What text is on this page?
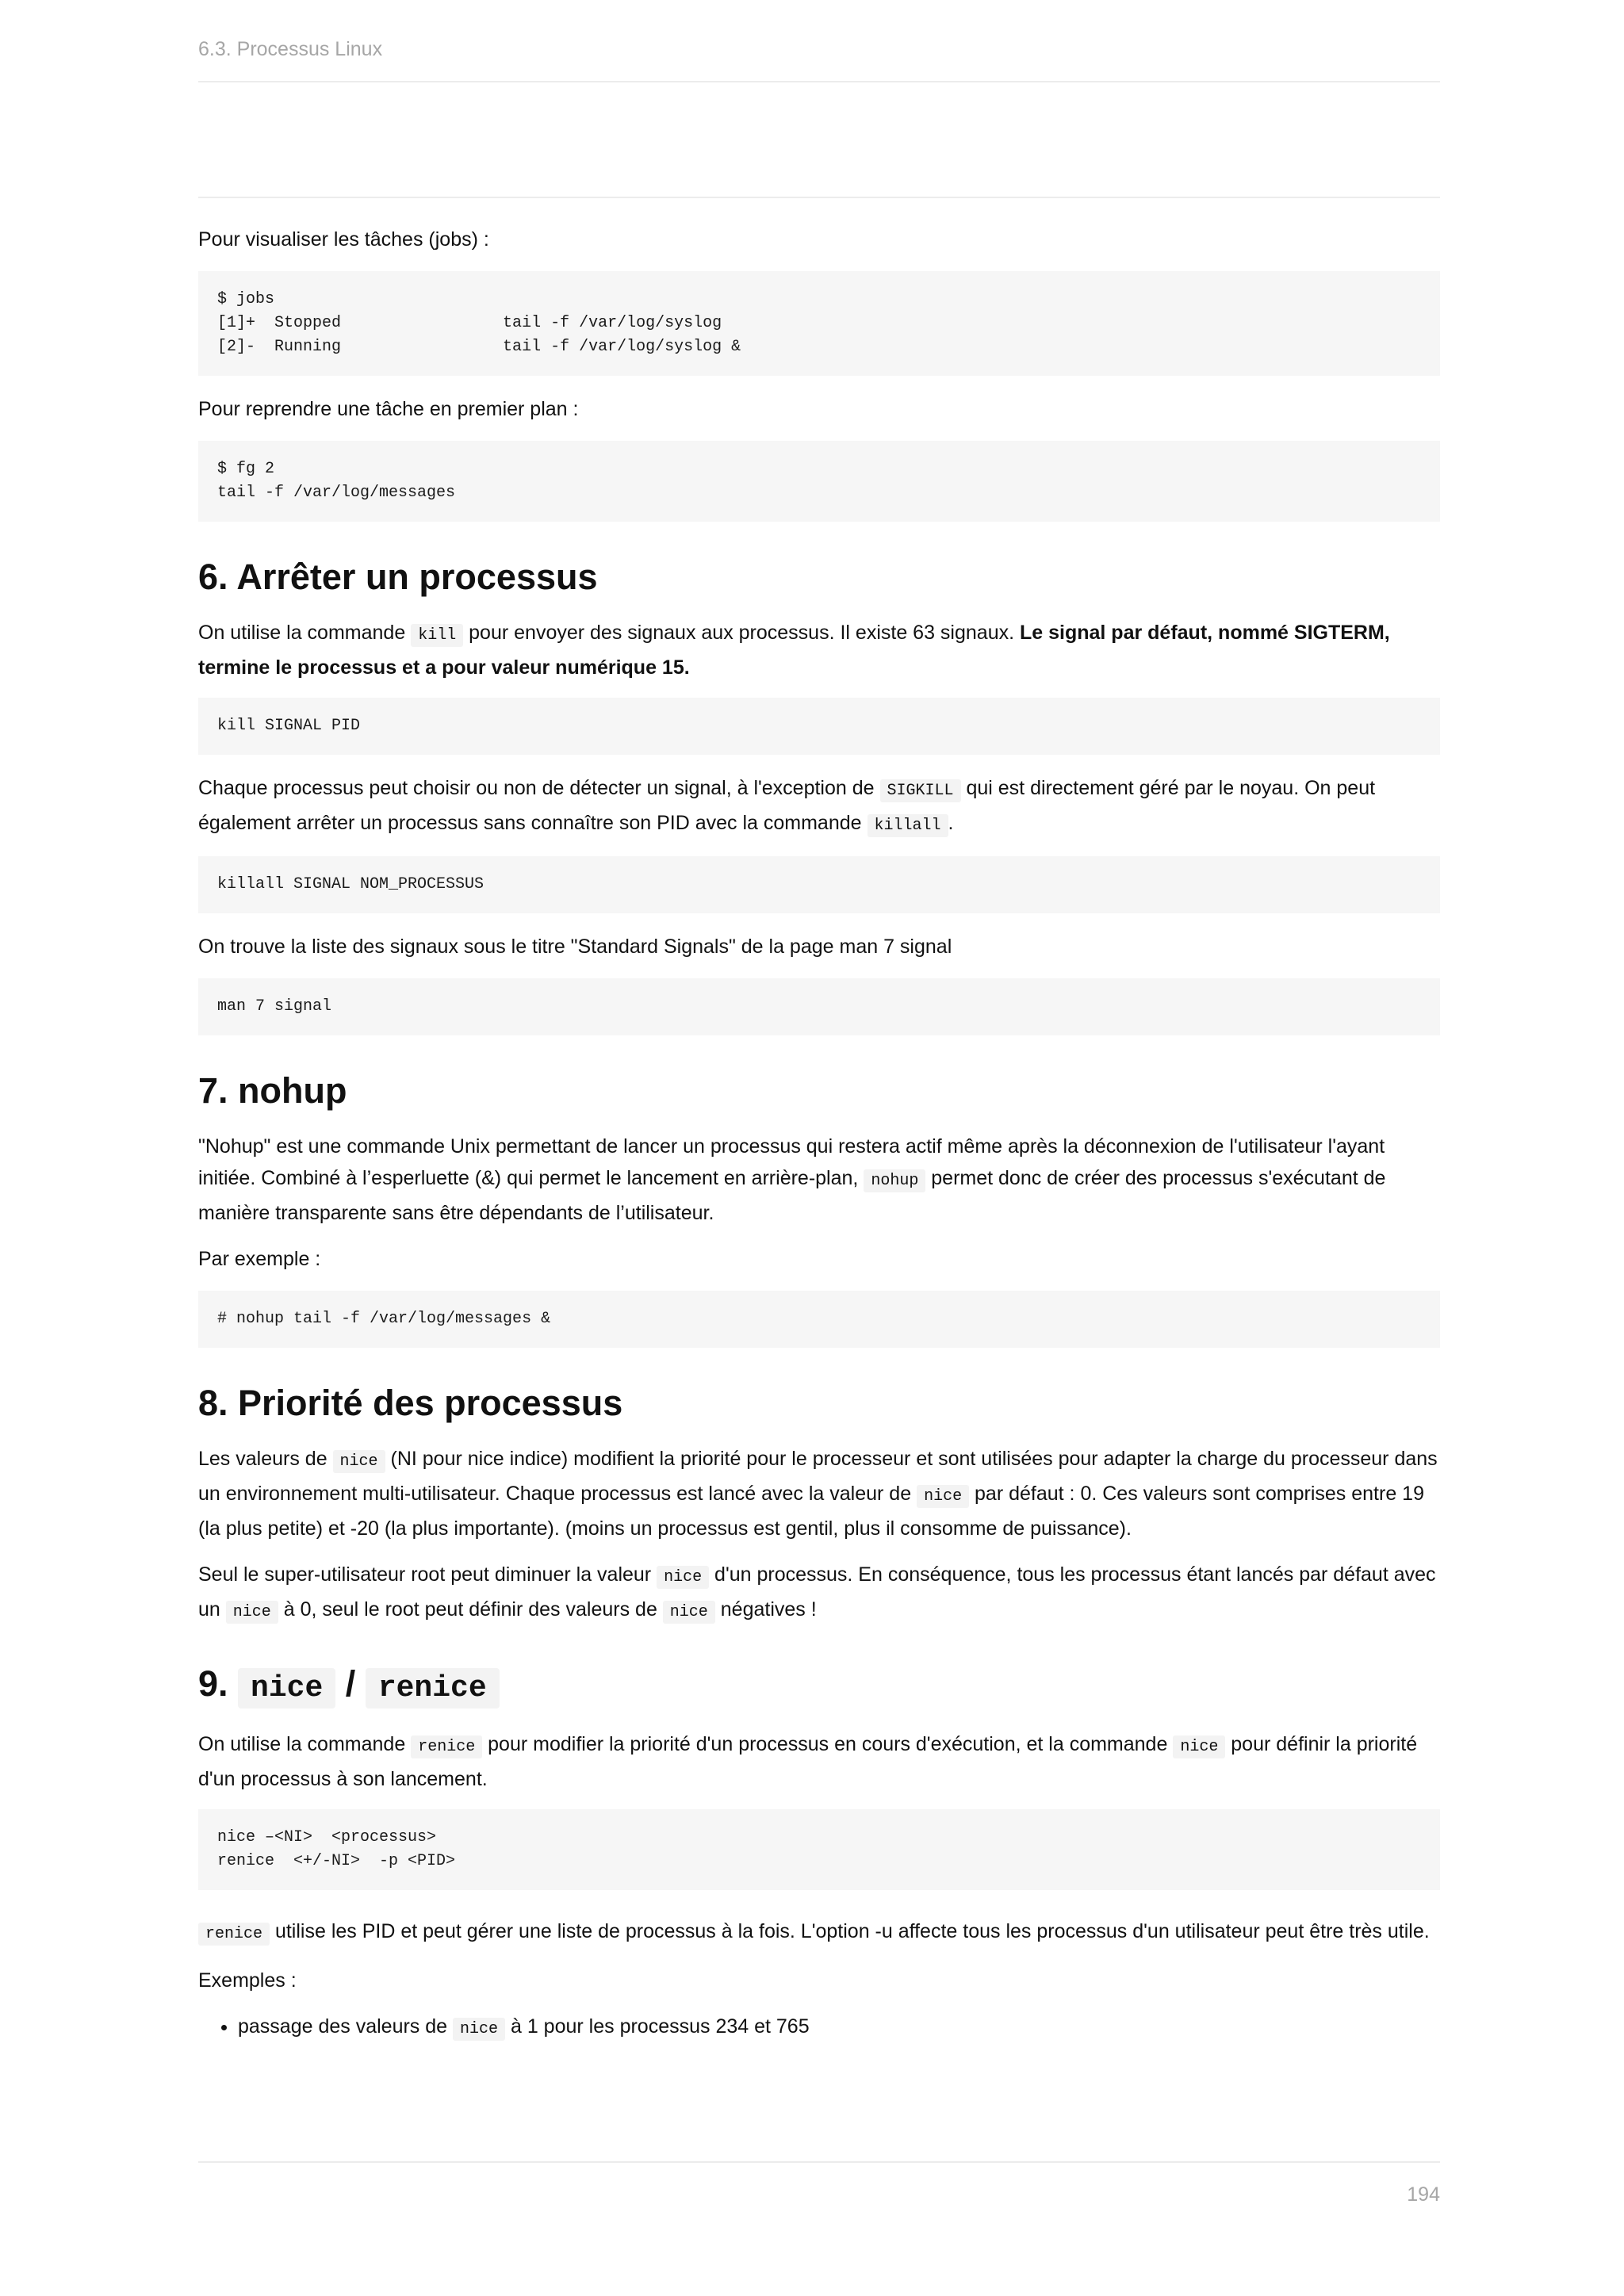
6.3. Processus Linux

Pour visualiser les tâches (jobs) :

$ jobs
[1]+  Stopped                 tail -f /var/log/syslog
[2]-  Running                 tail -f /var/log/syslog &

Pour reprendre une tâche en premier plan :

$ fg 2
tail -f /var/log/messages
6. Arrêter un processus

On utilise la commande kill pour envoyer des signaux aux processus. Il existe 63 signaux. Le signal par défaut, nommé SIGTERM, termine le processus et a pour valeur numérique 15.

kill SIGNAL PID

Chaque processus peut choisir ou non de détecter un signal, à l'exception de SIGKILL qui est directement géré par le noyau. On peut également arrêter un processus sans connaître son PID avec la commande killall .

killall SIGNAL NOM_PROCESSUS

On trouve la liste des signaux sous le titre "Standard Signals" de la page man 7 signal

man 7 signal
7. nohup

"Nohup" est une commande Unix permettant de lancer un processus qui restera actif même après la déconnexion de l'utilisateur l'ayant initiée. Combiné à l’esperluette (&) qui permet le lancement en arrière-plan, nohup permet donc de créer des processus s'exécutant de manière transparente sans être dépendants de l’utilisateur.

Par exemple :

# nohup tail -f /var/log/messages &
8. Priorité des processus

Les valeurs de nice (NI pour nice indice) modifient la priorité pour le processeur et sont utilisées pour adapter la charge du processeur dans un environnement multi-utilisateur. Chaque processus est lancé avec la valeur de nice par défaut : 0. Ces valeurs sont comprises entre 19 (la plus petite) et -20 (la plus importante). (moins un processus est gentil, plus il consomme de puissance).

Seul le super-utilisateur root peut diminuer la valeur nice d'un processus. En conséquence, tous les processus étant lancés par défaut avec un nice à 0, seul le root peut définir des valeurs de nice négatives !

9. nice / renice

On utilise la commande renice pour modifier la priorité d'un processus en cours d'exécution, et la commande nice pour définir la priorité d'un processus à son lancement.

nice –<NI>  <processus>
renice  <+/-NI>  -p <PID>

renice utilise les PID et peut gérer une liste de processus à la fois. L'option -u affecte tous les processus d'un utilisateur peut être très utile.

Exemples :

• passage des valeurs de nice à 1 pour les processus 234 et 765
194
